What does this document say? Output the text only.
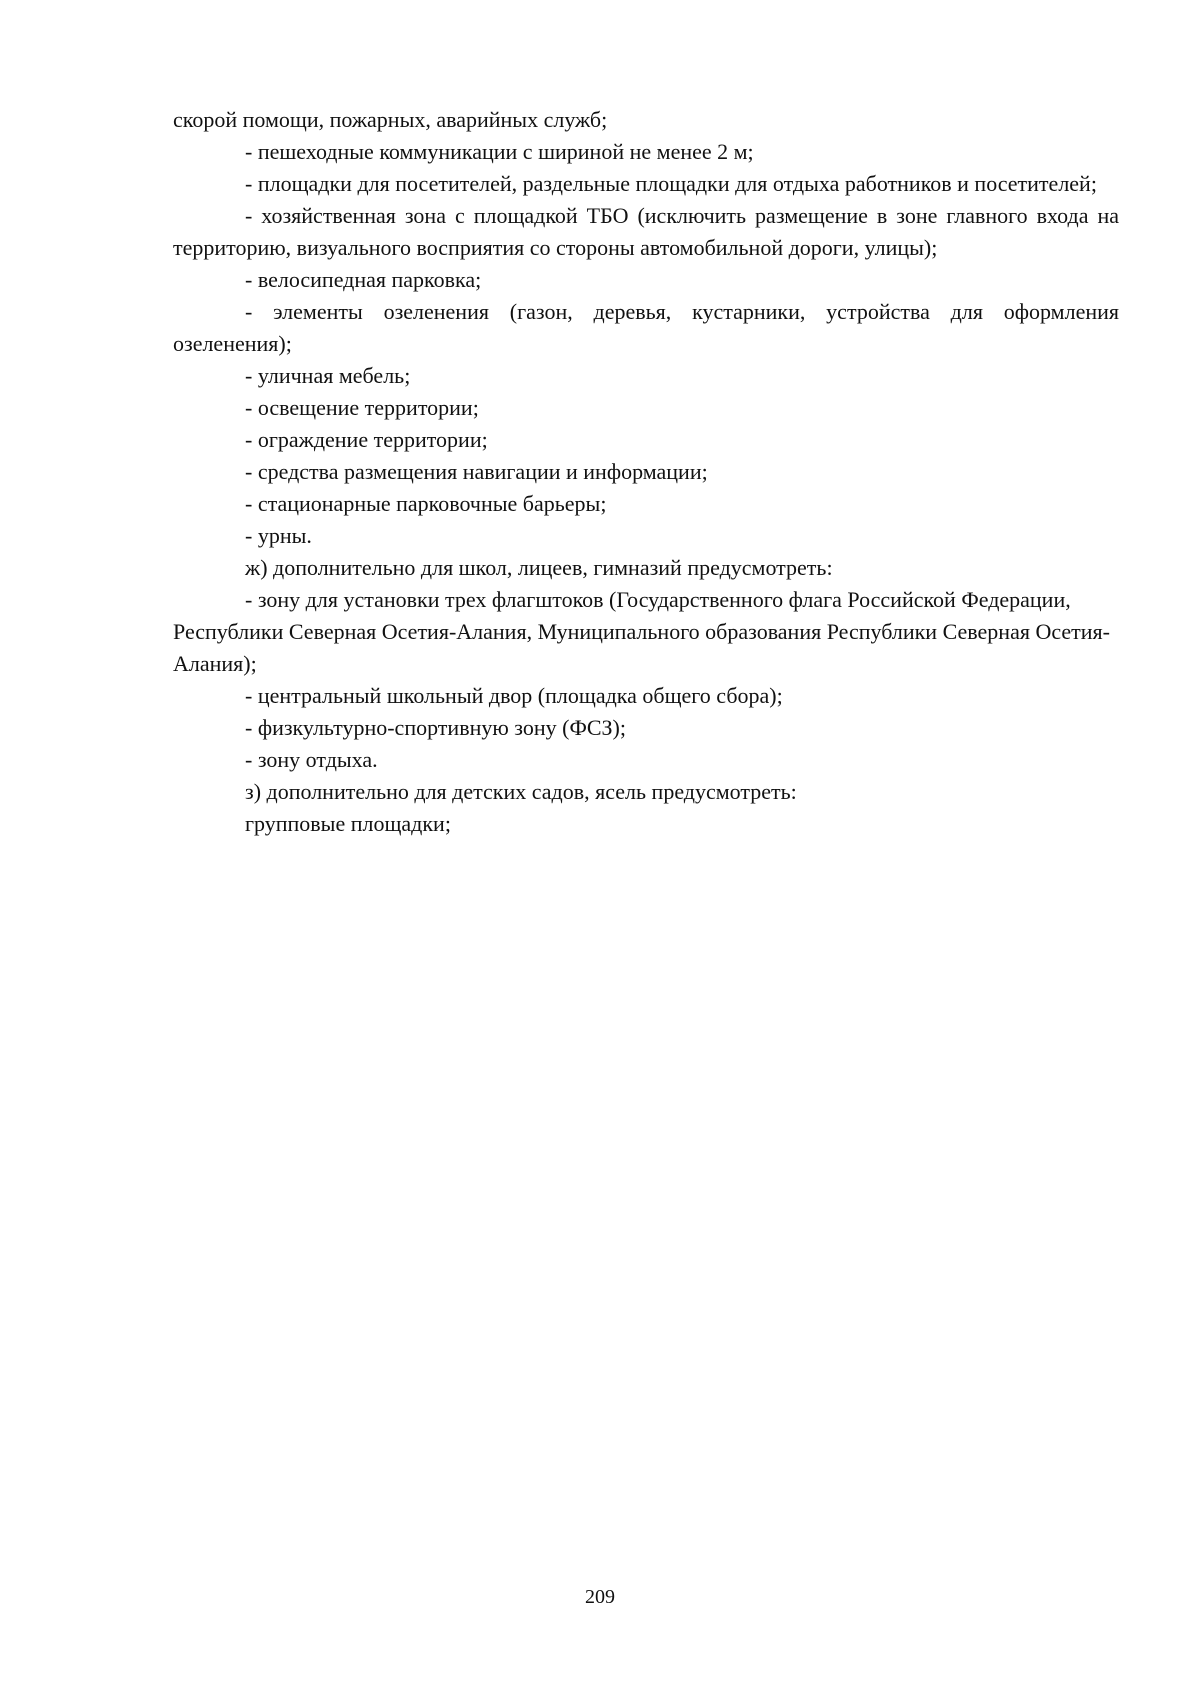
скорой помощи, пожарных, аварийных служб;

- пешеходные коммуникации с шириной не менее 2 м;

- площадки для посетителей, раздельные площадки для отдыха работников и посетителей;

- хозяйственная зона с площадкой ТБО (исключить размещение в зоне главного входа на территорию, визуального восприятия со стороны автомобильной дороги, улицы);

- велосипедная парковка;

- элементы озеленения (газон, деревья, кустарники, устройства для оформления озеленения);

- уличная мебель;

- освещение территории;

- ограждение территории;

- средства размещения навигации и информации;

- стационарные парковочные барьеры;

- урны.

ж) дополнительно для школ, лицеев, гимназий предусмотреть:

- зону для установки трех флагштоков (Государственного флага Российской Федерации, Республики Северная Осетия-Алания, Муниципального образования Республики Северная Осетия-Алания);

- центральный школьный двор (площадка общего сбора);

- физкультурно-спортивную зону (ФСЗ);

- зону отдыха.

з) дополнительно для детских садов, ясель предусмотреть:

групповые площадки;

209
